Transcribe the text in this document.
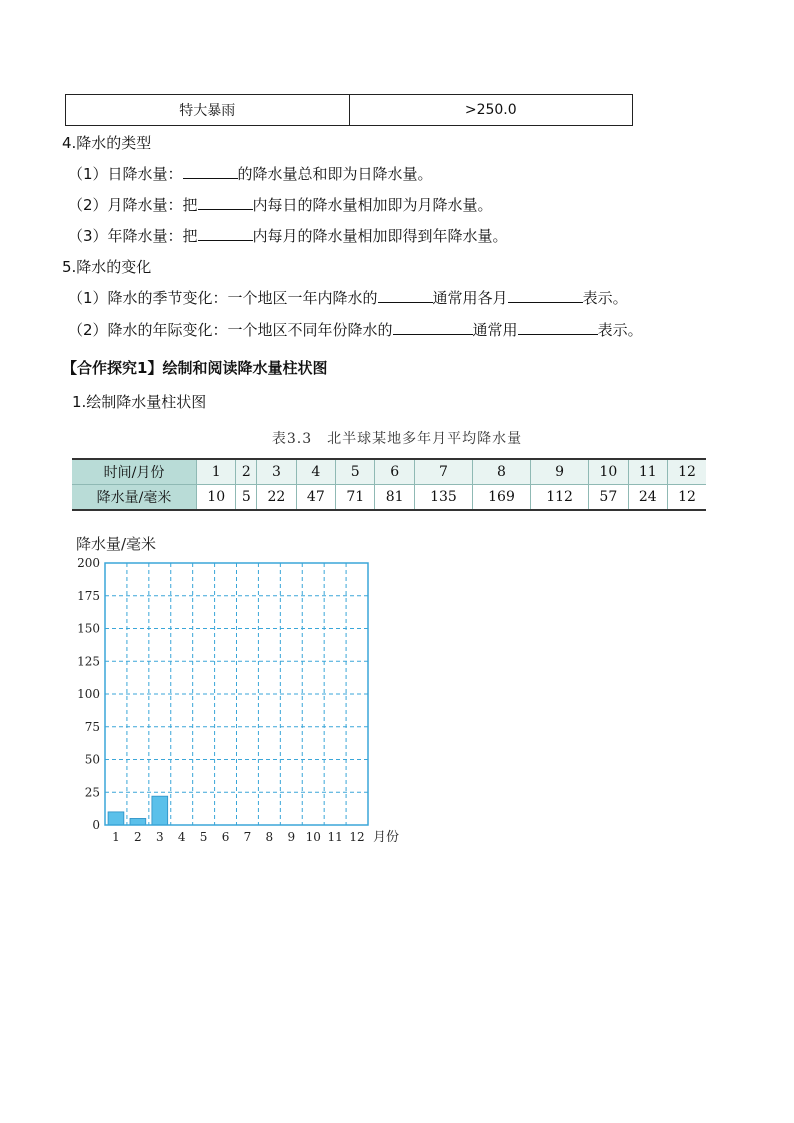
特大暴雨	>250.0
4.降水的类型
（1）日降水量：	的降水量总和即为日降水量。
（2）月降水量：把	内每日的降水量相加即为月降水量。
（3）年降水量：把	内每月的降水量相加即得到年降水量。
5.降水的变化
（1）降水的季节变化：一个地区一年内降水的	通常用各月	表示。
（2）降水的年际变化：一个地区不同年份降水的	通常用	表示。
【合作探究1】绘制和阅读降水量柱状图
1.绘制降水量柱状图
表3.3　北半球某地多年月平均降水量
时间/月份	1	2	3	4	5	6	7	8	9	10	11	12
降水量/毫米	10	5	22	47	71	81	135	169	112	57	24	12
降水量/毫米
0
25
50
75
100
125
150
175
200
1 2 3 4 5 6 7 8 9 10 11 12 月份
